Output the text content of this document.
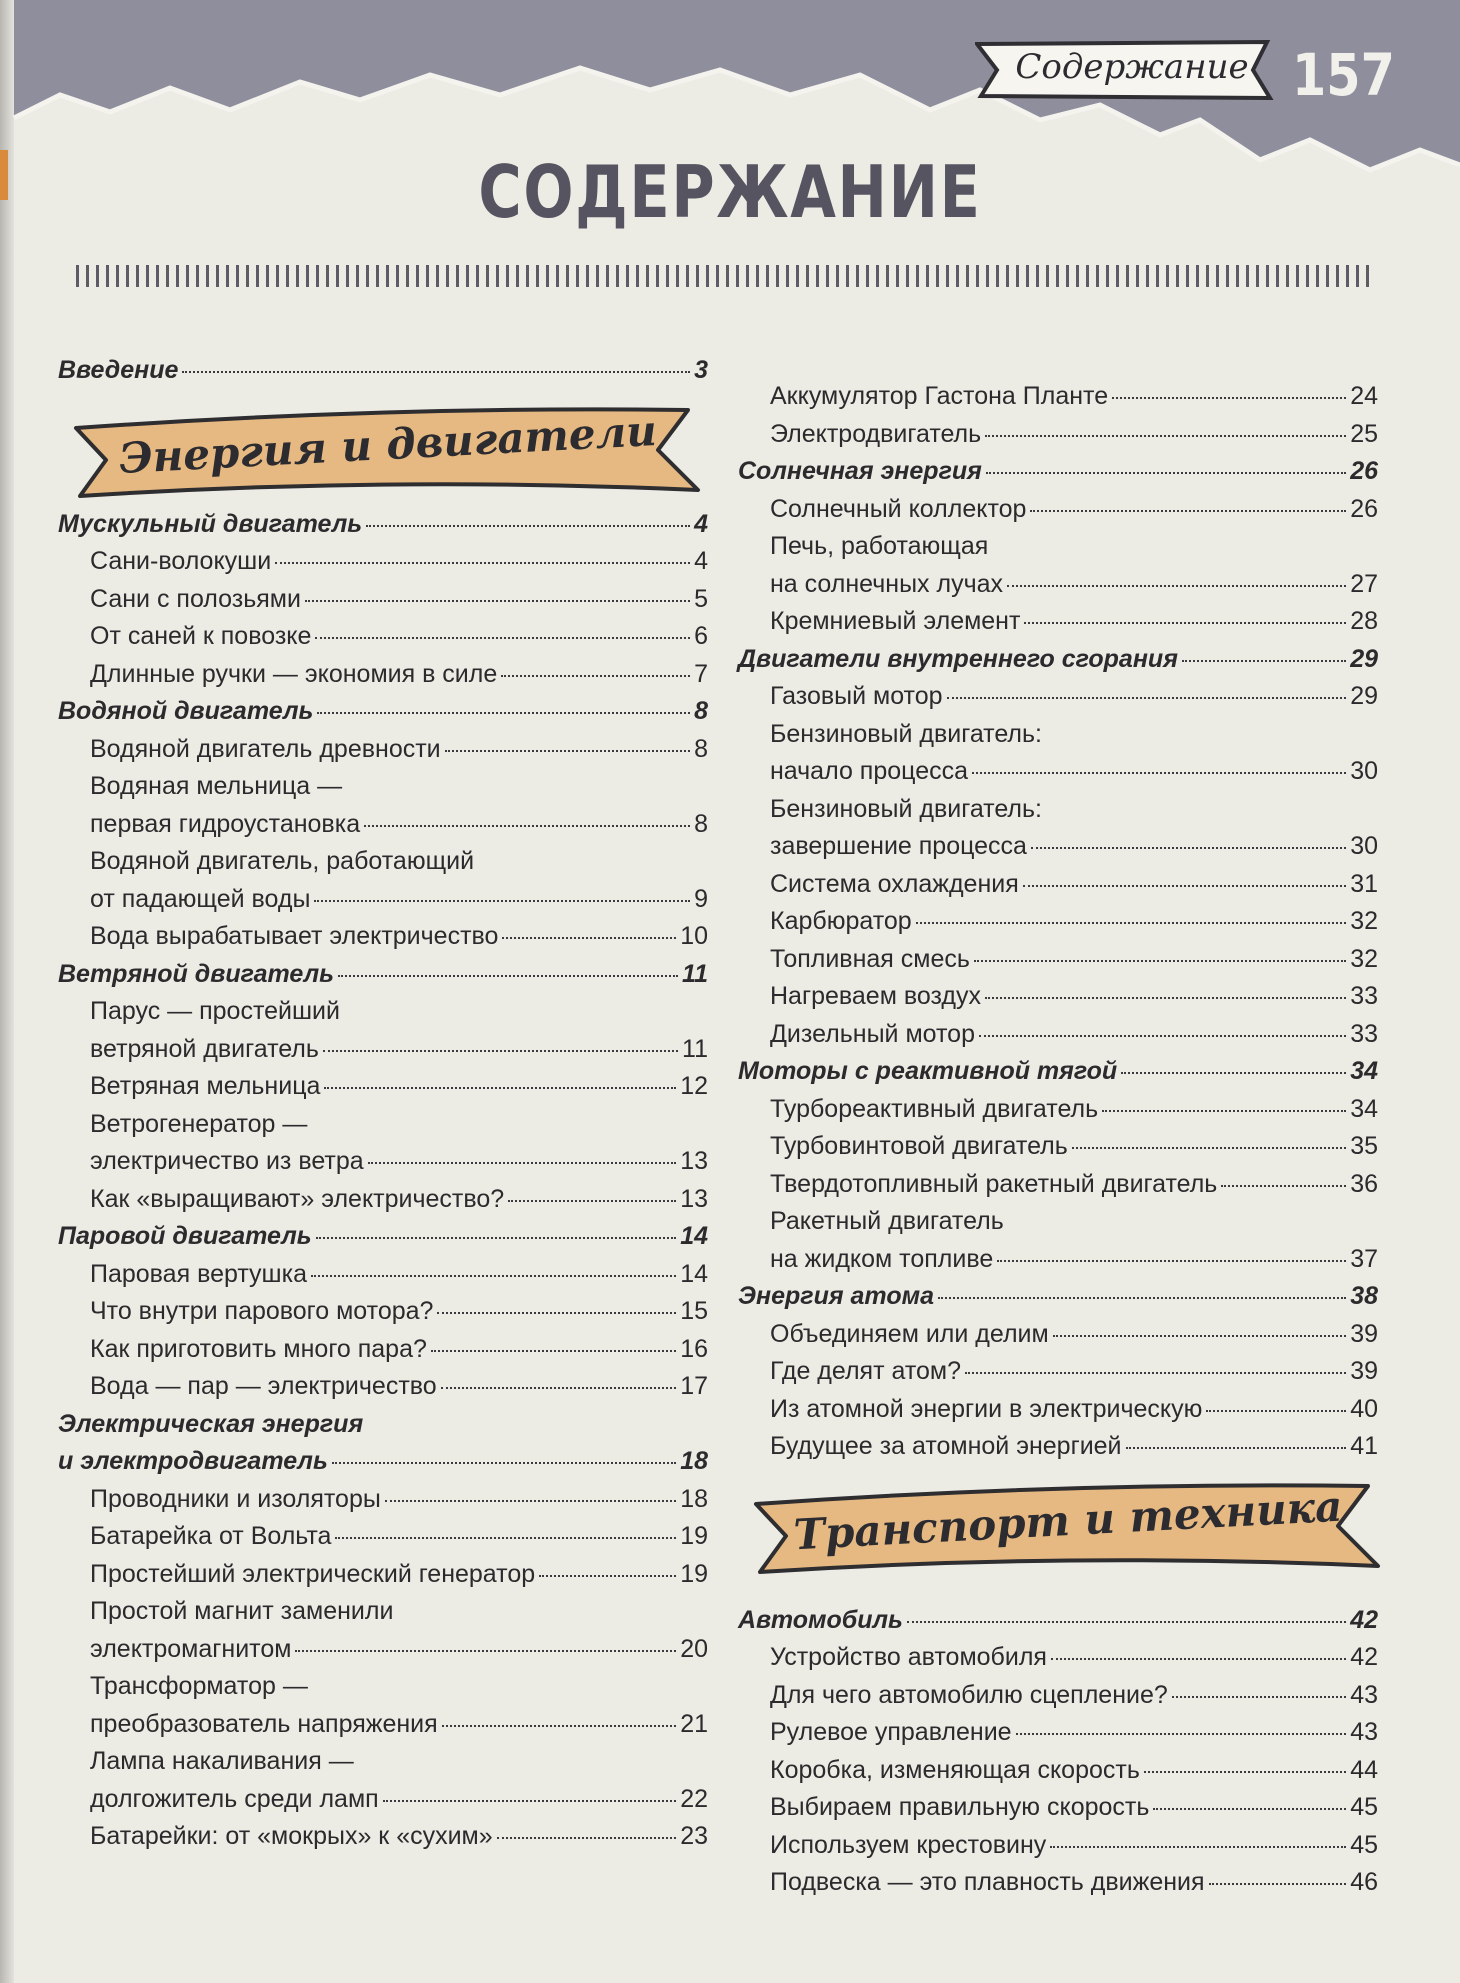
Содержание 157
СОДЕРЖАНИЕ
Введение	3
Энергия и двигатели
Мускульный двигатель	4
Сани-волокуши	4
Сани с полозьями	5
От саней к повозке	6
Длинные ручки — экономия в силе	7
Водяной двигатель	8
Водяной двигатель древности	8
Водяная мельница —
первая гидроустановка	8
Водяной двигатель, работающий
от падающей воды	9
Вода вырабатывает электричество	10
Ветряной двигатель	11
Парус — простейший
ветряной двигатель	11
Ветряная мельница	12
Ветрогенератор —
электричество из ветра	13
Как «выращивают» электричество?	13
Паровой двигатель	14
Паровая вертушка	14
Что внутри парового мотора?	15
Как приготовить много пара?	16
Вода — пар — электричество	17
Электрическая энергия
и электродвигатель	18
Проводники и изоляторы	18
Батарейка от Вольта	19
Простейший электрический генератор	19
Простой магнит заменили
электромагнитом	20
Трансформатор —
преобразователь напряжения	21
Лампа накаливания —
долгожитель среди ламп	22
Батарейки: от «мокрых» к «сухим»	23
Аккумулятор Гастона Планте	24
Электродвигатель	25
Солнечная энергия	26
Солнечный коллектор	26
Печь, работающая
на солнечных лучах	27
Кремниевый элемент	28
Двигатели внутреннего сгорания	29
Газовый мотор	29
Бензиновый двигатель:
начало процесса	30
Бензиновый двигатель:
завершение процесса	30
Система охлаждения	31
Карбюратор	32
Топливная смесь	32
Нагреваем воздух	33
Дизельный мотор	33
Моторы с реактивной тягой	34
Турбореактивный двигатель	34
Турбовинтовой двигатель	35
Твердотопливный ракетный двигатель	36
Ракетный двигатель
на жидком топливе	37
Энергия атома	38
Объединяем или делим	39
Где делят атом?	39
Из атомной энергии в электрическую	40
Будущее за атомной энергией	41
Транспорт и техника
Автомобиль	42
Устройство автомобиля	42
Для чего автомобилю сцепление?	43
Рулевое управление	43
Коробка, изменяющая скорость	44
Выбираем правильную скорость	45
Используем крестовину	45
Подвеска — это плавность движения	46
